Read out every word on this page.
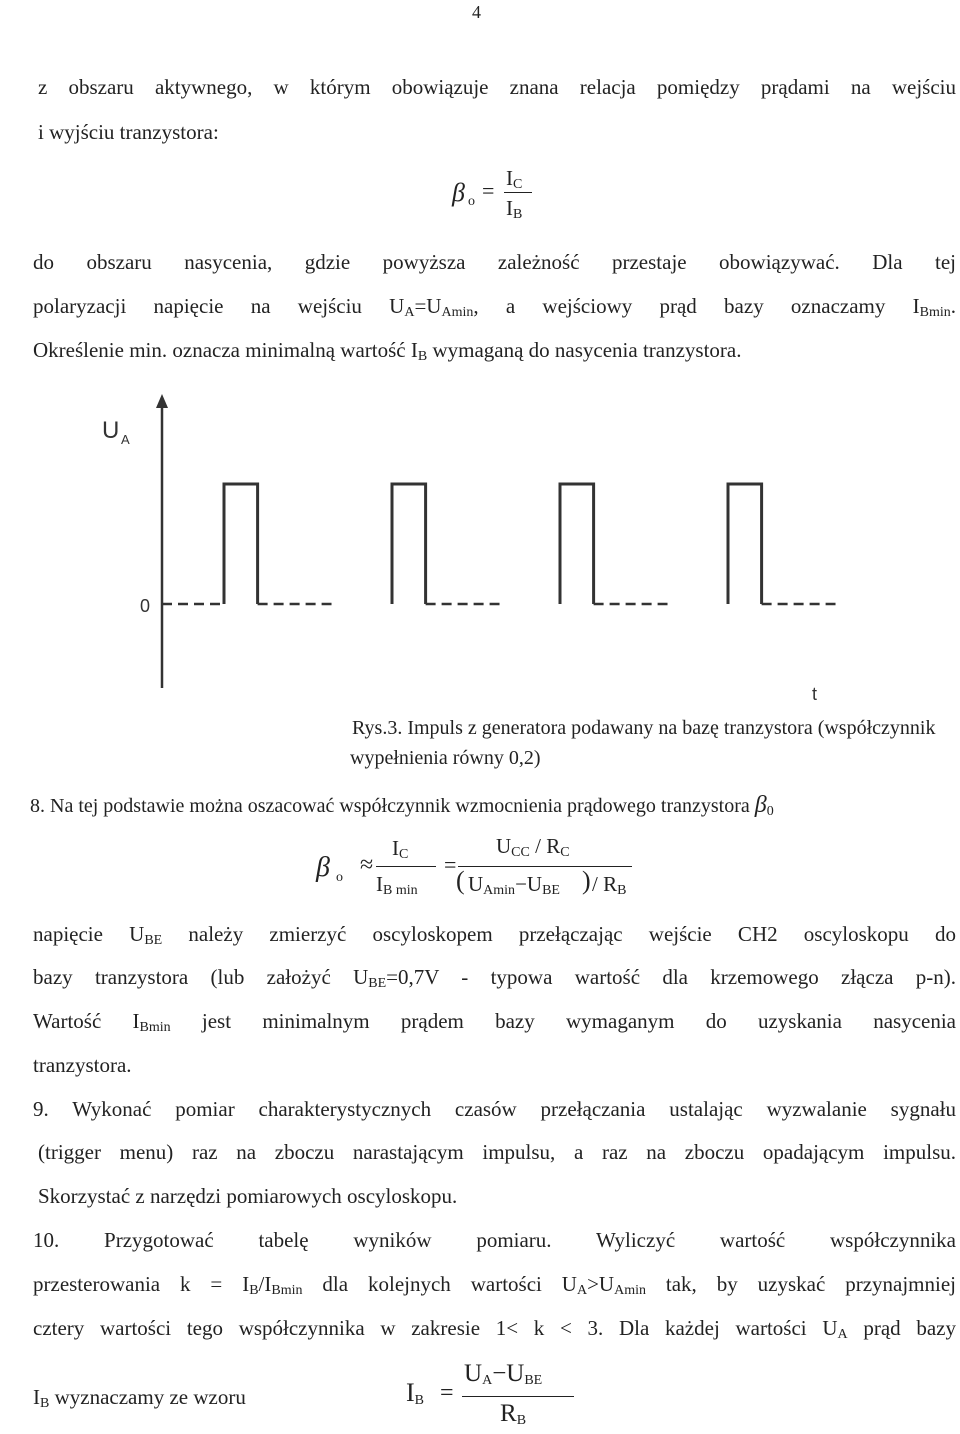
4
z obszaru aktywnego, w którym obowiązuje znana relacja pomiędzy prądami na wejściu
i wyjściu tranzystora:
β o = IC
IB
do obszaru nasycenia, gdzie powyższa zależność przestaje obowiązywać. Dla tej
polaryzacji napięcie na wejściu $U_A=U_{Amin}$, a wejściowy prąd bazy oznaczamy $I_{Bmin}$.
Określenie min. oznacza minimalną wartość $I_B$ wymaganą do nasycenia tranzystora.
U A
0
t
Rys.3. Impuls z generatora podawany na bazę tranzystora (współczynnik
wypełnienia równy 0,2)
8. Na tej podstawie można oszacować współczynnik wzmocnienia prądowego tranzystora β0
β o ≈
IC
IB min
=
UCC / RC
( UAmin−UBE ) / RB
napięcie $U_{BE}$ należy zmierzyć oscyloskopem przełączając wejście CH2 oscyloskopu do
bazy tranzystora (lub założyć $U_{BE}=0,7V$ - typowa wartość dla krzemowego złącza p-n).
Wartość $I_{Bmin}$ jest minimalnym prądem bazy wymaganym do uzyskania nasycenia
tranzystora.
9. Wykonać pomiar charakterystycznych czasów przełączania ustalając wyzwalanie sygnału
(trigger menu) raz na zboczu narastającym impulsu, a raz na zboczu opadającym impulsu.
Skorzystać z narzędzi pomiarowych oscyloskopu.
10. Przygotować tabelę wyników pomiaru. Wyliczyć wartość współczynnika
przesterowania $k = I_B/I_{Bmin}$ dla kolejnych wartości $U_A>U_{Amin}$ tak, by uzyskać przynajmniej
cztery wartości tego współczynnika w zakresie 1< k < 3. Dla każdej wartości $U_A$ prąd bazy
$I_B$ wyznaczamy ze wzoru	IB =
UA−UBE
RB
